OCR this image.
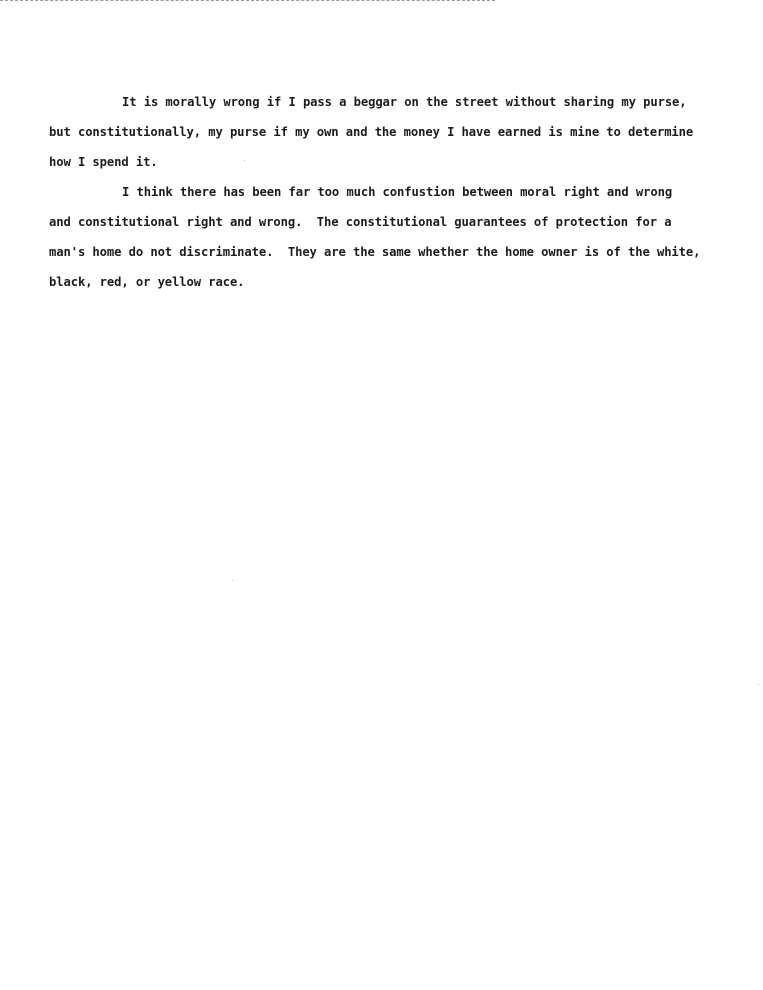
It is morally wrong if I pass a beggar on the street without sharing my purse,
but constitutionally, my purse if my own and the money I have earned is mine to determine
how I spend it.
I think there has been far too much confustion between moral right and wrong
and constitutional right and wrong.  The constitutional guarantees of protection for a
man's home do not discriminate.  They are the same whether the home owner is of the white,
black, red, or yellow race.
